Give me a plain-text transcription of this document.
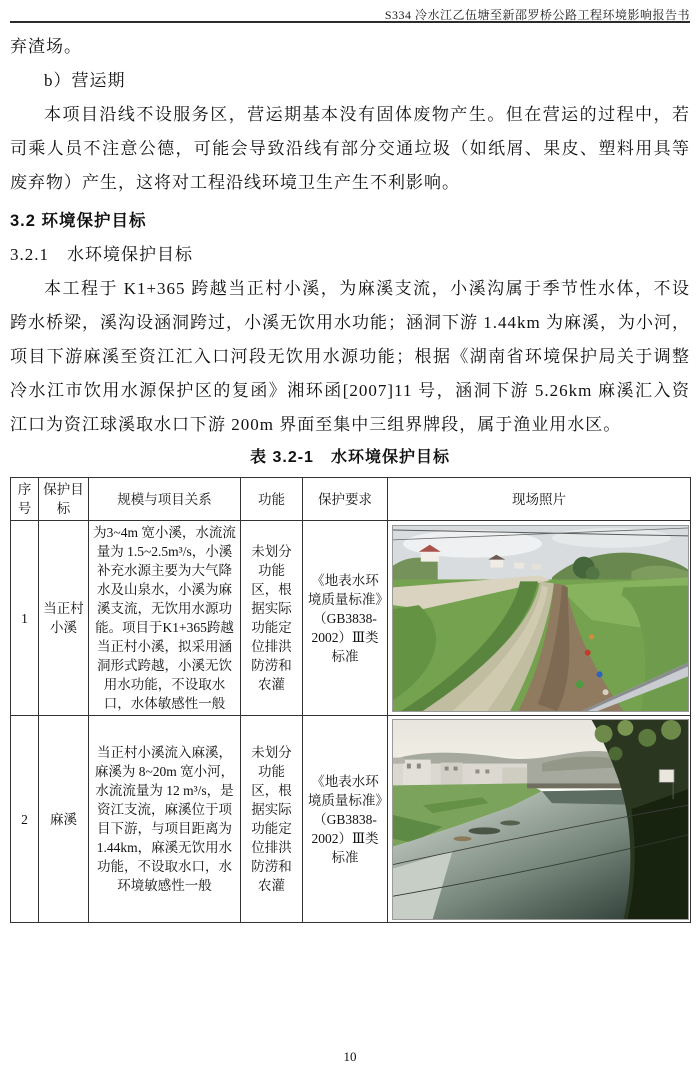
S334 冷水江乙伍塘至新邵罗桥公路工程环境影响报告书

弃渣场。

b）营运期

本项目沿线不设服务区，营运期基本没有固体废物产生。但在营运的过程中，若司乘人员不注意公德，可能会导致沿线有部分交通垃圾（如纸屑、果皮、塑料用具等废弃物）产生，这将对工程沿线环境卫生产生不利影响。

3.2 环境保护目标
3.2.1　水环境保护目标

本工程于 K1+365 跨越当正村小溪，为麻溪支流，小溪沟属于季节性水体，不设跨水桥梁，溪沟设涵洞跨过，小溪无饮用水功能；涵洞下游 1.44km 为麻溪，为小河，项目下游麻溪至资江汇入口河段无饮用水源功能；根据《湖南省环境保护局关于调整冷水江市饮用水源保护区的复函》湘环函[2007]11 号，涵洞下游 5.26km 麻溪汇入资江口为资江球溪取水口下游 200m 界面至集中三组界牌段，属于渔业用水区。

表 3.2-1　水环境保护目标

序号	保护目标	规模与项目关系	功能	保护要求	现场照片
1	当正村小溪	为3~4m 宽小溪，水流流量为 1.5~2.5m³/s，小溪补充水源主要为大气降水及山泉水，小溪为麻溪支流，无饮用水源功能。项目于K1+365跨越当正村小溪，拟采用涵洞形式跨越，小溪无饮用水功能，不设取水口，水体敏感性一般	未划分功能区，根据实际功能定位排洪防涝和农灌	《地表水环境质量标准》（GB3838-2002）Ⅲ类标准	

2	麻溪	当正村小溪流入麻溪，麻溪为 8~20m 宽小河，水流流量为 12 m³/s，是资江支流，麻溪位于项目下游，与项目距离为 1.44km，麻溪无饮用水功能，不设取水口，水环境敏感性一般	未划分功能区，根据实际功能定位排洪防涝和农灌	《地表水环境质量标准》（GB3838-2002）Ⅲ类标准	
10
